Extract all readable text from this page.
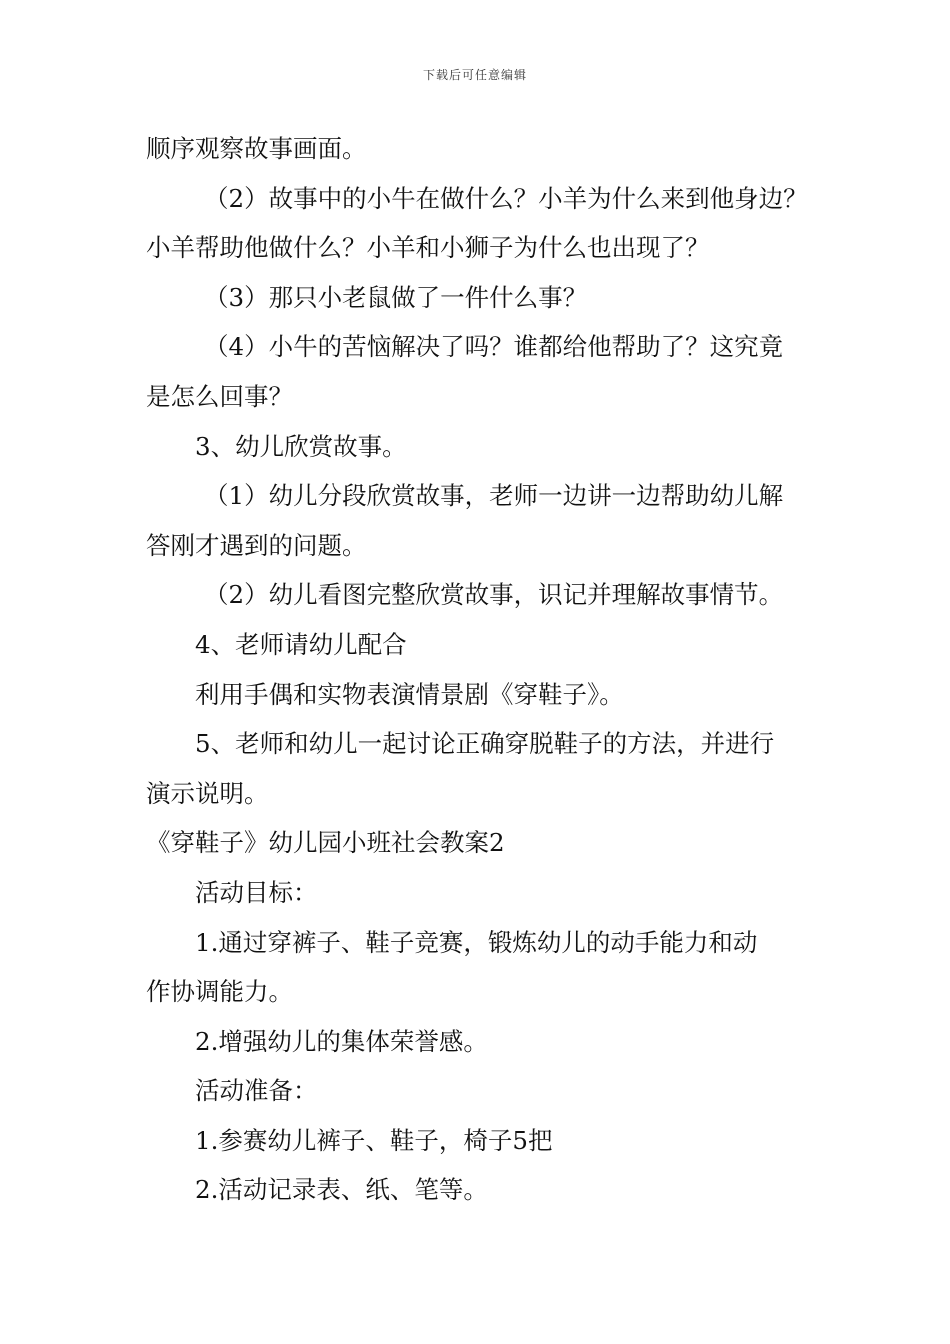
下载后可任意编辑
顺序观察故事画面。
（2）故事中的小牛在做什么？小羊为什么来到他身边？
小羊帮助他做什么？小羊和小狮子为什么也出现了？
（3）那只小老鼠做了一件什么事？
（4）小牛的苦恼解决了吗？谁都给他帮助了？这究竟
是怎么回事？
3、幼儿欣赏故事。
（1）幼儿分段欣赏故事，老师一边讲一边帮助幼儿解
答刚才遇到的问题。
（2）幼儿看图完整欣赏故事，识记并理解故事情节。
4、老师请幼儿配合
利用手偶和实物表演情景剧《穿鞋子》。
5、老师和幼儿一起讨论正确穿脱鞋子的方法，并进行
演示说明。
《穿鞋子》幼儿园小班社会教案2
活动目标：
1.通过穿裤子、鞋子竞赛，锻炼幼儿的动手能力和动
作协调能力。
2.增强幼儿的集体荣誉感。
活动准备：
1.参赛幼儿裤子、鞋子，椅子5把
2.活动记录表、纸、笔等。
